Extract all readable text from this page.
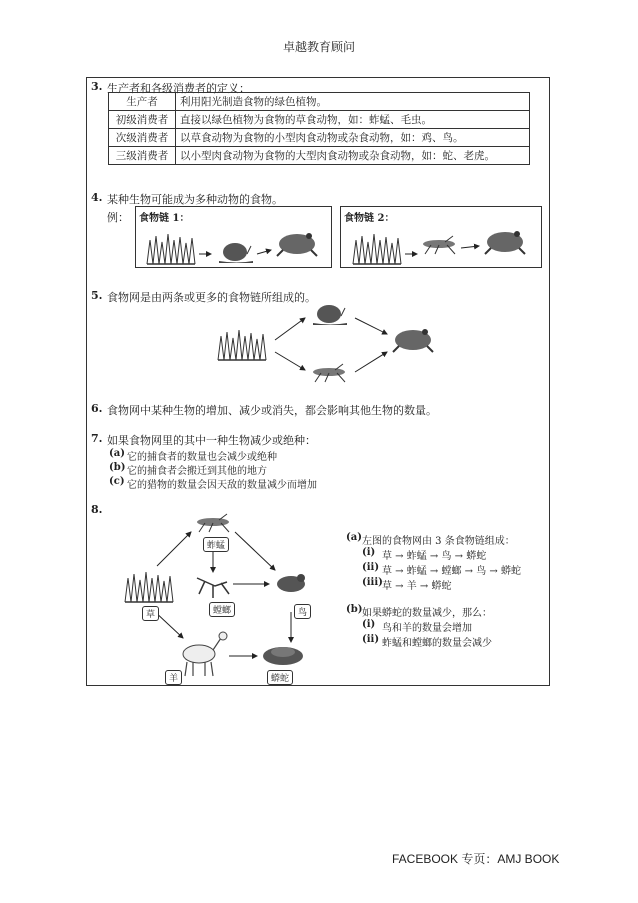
卓越教育顾问
3. 生产者和各级消费者的定义：
生产者	利用阳光制造食物的绿色植物。
初级消费者	直接以绿色植物为食物的草食动物，如：蚱蜢、毛虫。
次级消费者	以草食动物为食物的小型肉食动物或杂食动物，如：鸡、鸟。
三级消费者	以小型肉食动物为食物的大型肉食动物或杂食动物，如：蛇、老虎。
4. 某种生物可能成为多种动物的食物。
例： 食物链 1：	食物链 2：
5. 食物网是由两条或更多的食物链所组成的。
6. 食物网中某种生物的增加、减少或消失，都会影响其他生物的数量。
7. 如果食物网里的其中一种生物减少或绝种：
(a) 它的捕食者的数量也会减少或绝种
(b) 它的捕食者会搬迁到其他的地方
(c) 它的猎物的数量会因天敌的数量减少而增加
8.
蚱蜢
草	螳螂	鸟
羊	蟒蛇
(a) 左图的食物网由 3 条食物链组成：
(i) 草 → 蚱蜢 → 鸟 → 蟒蛇
(ii) 草 → 蚱蜢 → 螳螂 → 鸟 → 蟒蛇
(iii) 草 → 羊 → 蟒蛇
(b) 如果蟒蛇的数量减少，那么：
(i) 鸟和羊的数量会增加
(ii) 蚱蜢和螳螂的数量会减少
FACEBOOK 专页：AMJ BOOK
